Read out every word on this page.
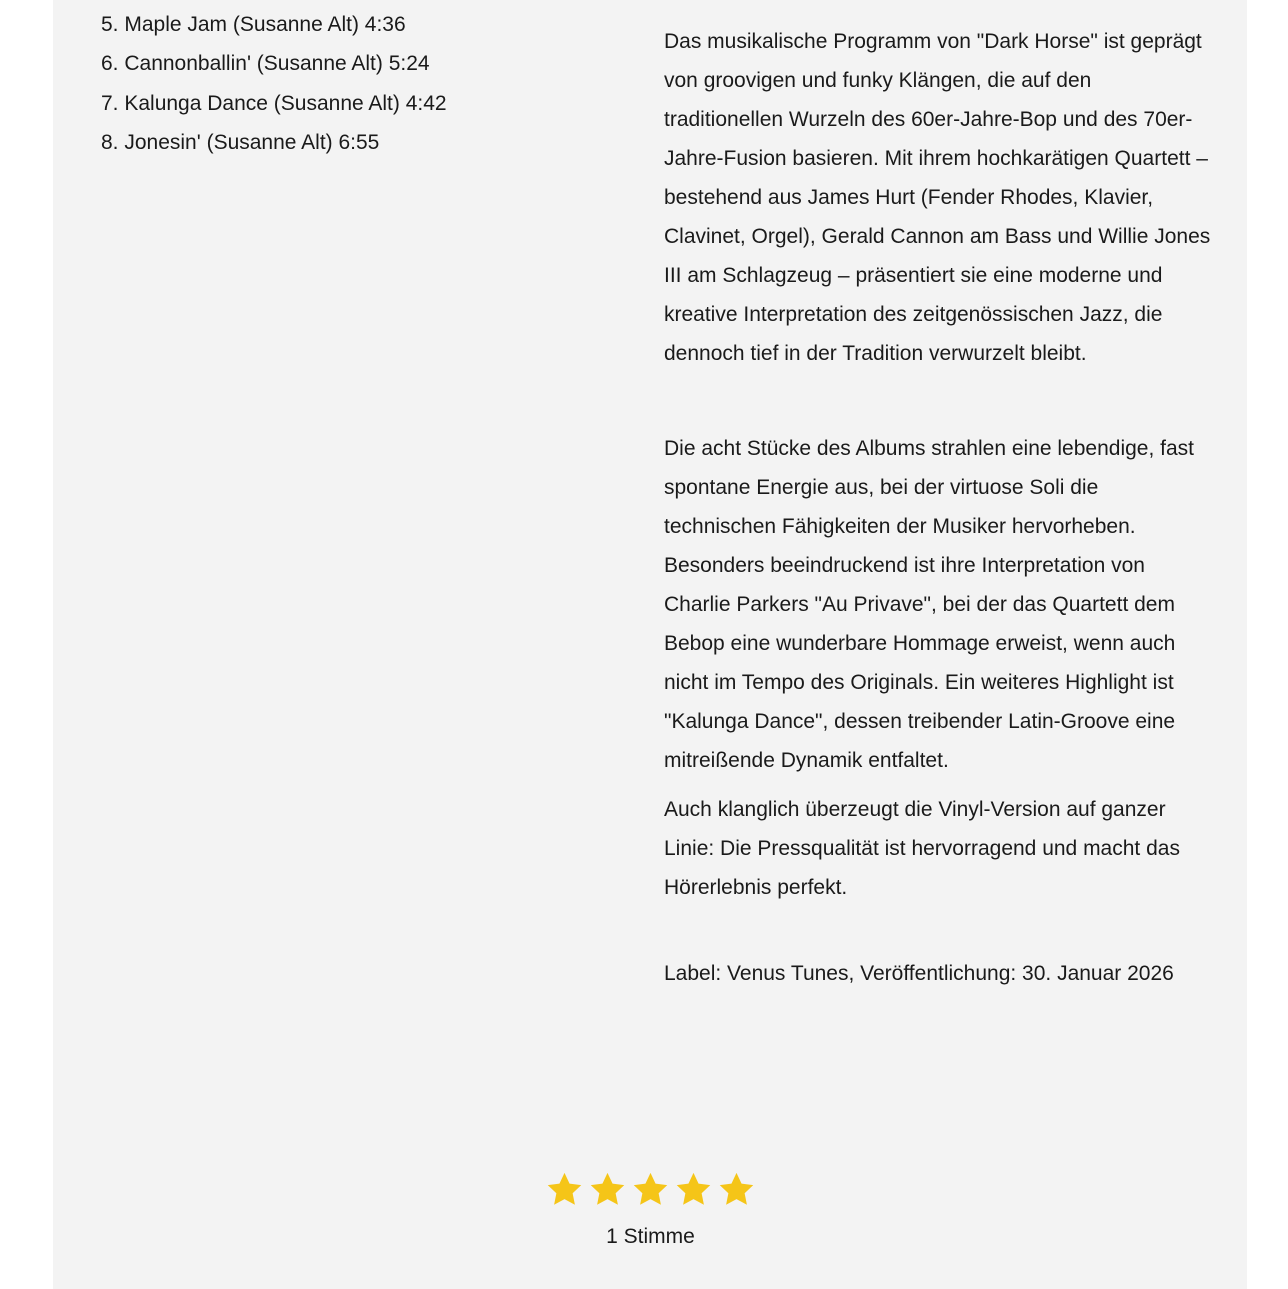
5. Maple Jam (Susanne Alt) 4:36
6. Cannonballin' (Susanne Alt) 5:24
7. Kalunga Dance (Susanne Alt) 4:42
8. Jonesin' (Susanne Alt) 6:55

Das musikalische Programm von "Dark Horse" ist geprägt von groovigen und funky Klängen, die auf den traditionellen Wurzeln des 60er-Jahre-Bop und des 70er-Jahre-Fusion basieren. Mit ihrem hochkarätigen Quartett – bestehend aus James Hurt (Fender Rhodes, Klavier, Clavinet, Orgel), Gerald Cannon am Bass und Willie Jones III am Schlagzeug – präsentiert sie eine moderne und kreative Interpretation des zeitgenössischen Jazz, die dennoch tief in der Tradition verwurzelt bleibt.

Die acht Stücke des Albums strahlen eine lebendige, fast spontane Energie aus, bei der virtuose Soli die technischen Fähigkeiten der Musiker hervorheben. Besonders beeindruckend ist ihre Interpretation von Charlie Parkers "Au Privave", bei der das Quartett dem Bebop eine wunderbare Hommage erweist, wenn auch nicht im Tempo des Originals. Ein weiteres Highlight ist "Kalunga Dance", dessen treibender Latin-Groove eine mitreißende Dynamik entfaltet.

Auch klanglich überzeugt die Vinyl-Version auf ganzer Linie: Die Pressqualität ist hervorragend und macht das Hörerlebnis perfekt.

Label: Venus Tunes, Veröffentlichung: 30. Januar 2026

1 Stimme
